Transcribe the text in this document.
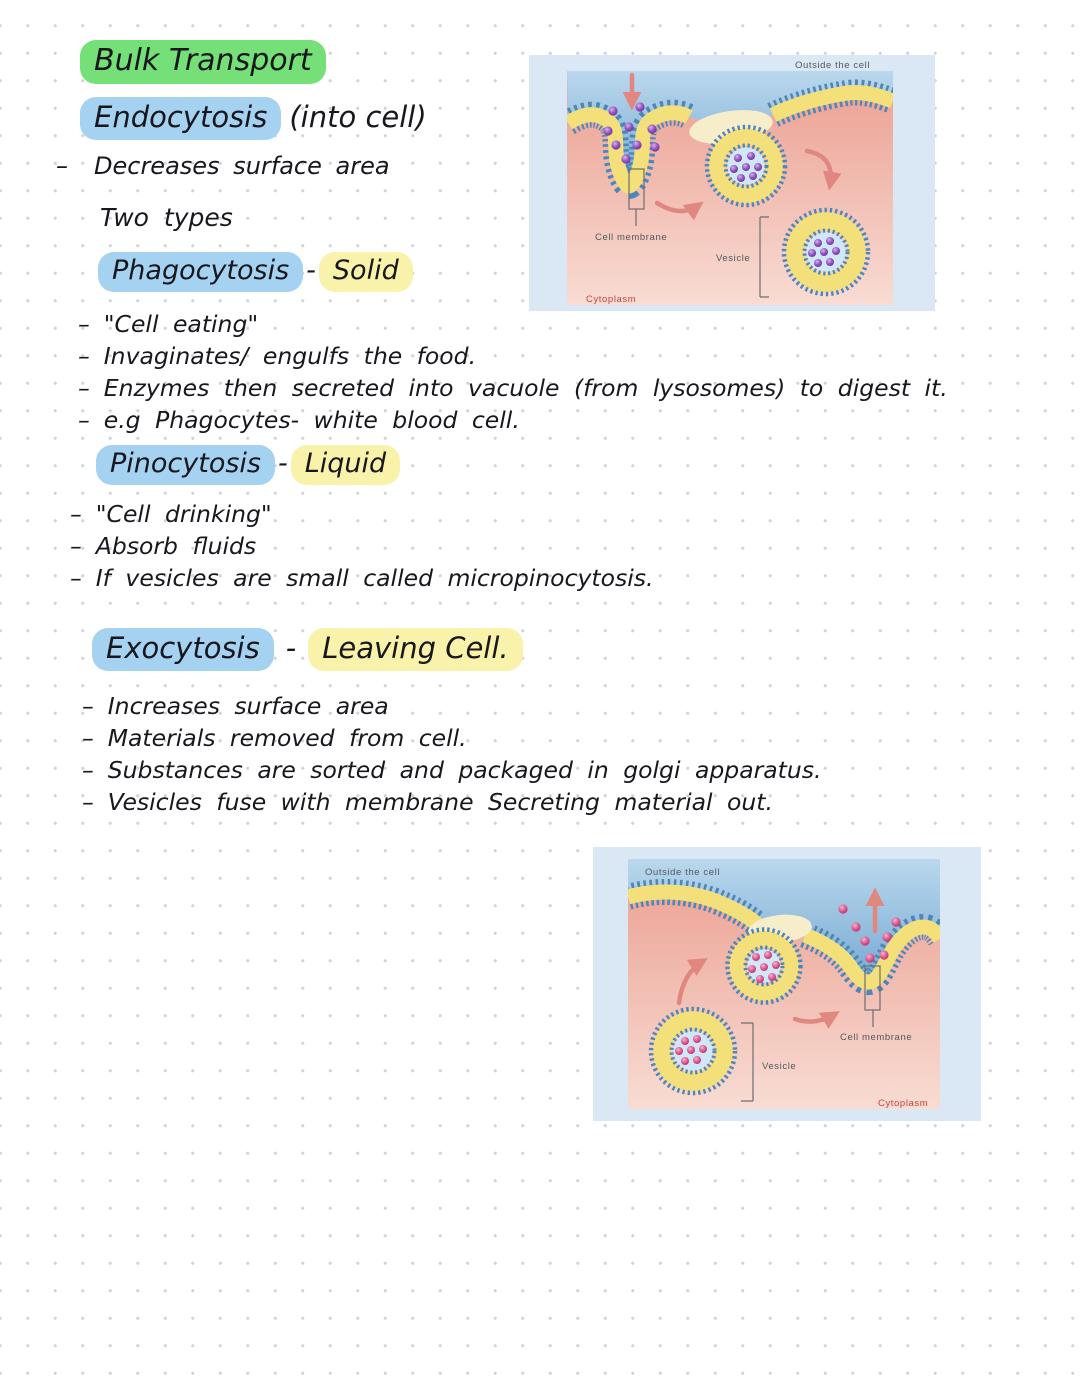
Bulk Transport
Endocytosis (into cell)
–
Decreases surface area
Two types
Phagocytosis - Solid
–
"Cell eating"
–
Invaginates/ engulfs the food.
–
Enzymes then secreted into vacuole (from lysosomes) to digest it.
–
e.g Phagocytes- white blood cell.
Pinocytosis - Liquid
–
"Cell drinking"
–
Absorb fluids
–
If vesicles are small called micropinocytosis.
Exocytosis - Leaving Cell.
–
Increases surface area
–
Materials removed from cell.
–
Substances are sorted and packaged in golgi apparatus.
–
Vesicles fuse with membrane Secreting material out.
Outside the cell
Cell membrane
Vesicle
Cytoplasm
Outside the cell
Cell membrane
Vesicle
Cytoplasm
